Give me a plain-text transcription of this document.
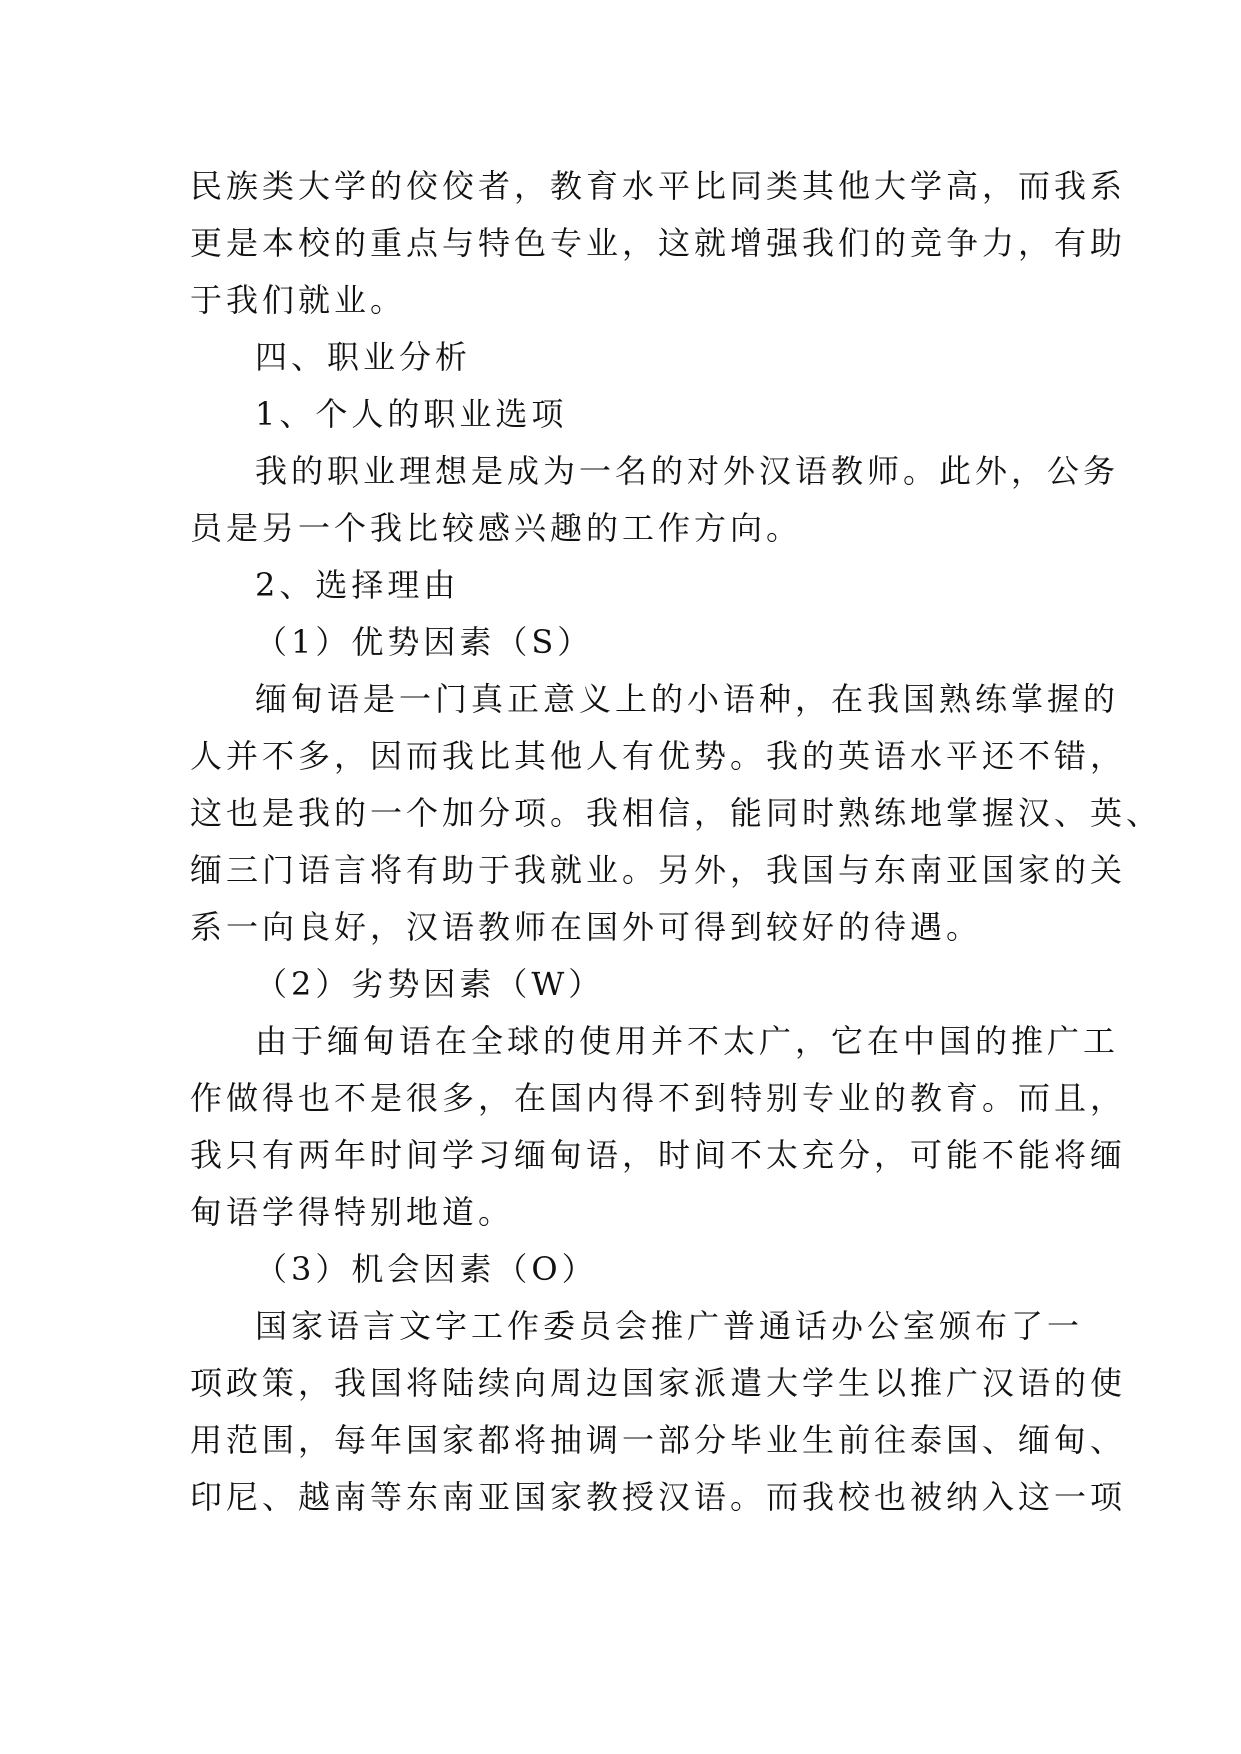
民族类大学的佼佼者，教育水平比同类其他大学高，而我系

更是本校的重点与特色专业，这就增强我们的竞争力，有助

于我们就业。

四、职业分析

1、个人的职业选项

我的职业理想是成为一名的对外汉语教师。此外，公务

员是另一个我比较感兴趣的工作方向。

2、选择理由

（1）优势因素（S）

缅甸语是一门真正意义上的小语种，在我国熟练掌握的

人并不多，因而我比其他人有优势。我的英语水平还不错，

这也是我的一个加分项。我相信，能同时熟练地掌握汉、英、

缅三门语言将有助于我就业。另外，我国与东南亚国家的关

系一向良好，汉语教师在国外可得到较好的待遇。

（2）劣势因素（W）

由于缅甸语在全球的使用并不太广，它在中国的推广工

作做得也不是很多，在国内得不到特别专业的教育。而且，

我只有两年时间学习缅甸语，时间不太充分，可能不能将缅

甸语学得特别地道。

（3）机会因素（O）

国家语言文字工作委员会推广普通话办公室颁布了一

项政策，我国将陆续向周边国家派遣大学生以推广汉语的使

用范围，每年国家都将抽调一部分毕业生前往泰国、缅甸、

印尼、越南等东南亚国家教授汉语。而我校也被纳入这一项
